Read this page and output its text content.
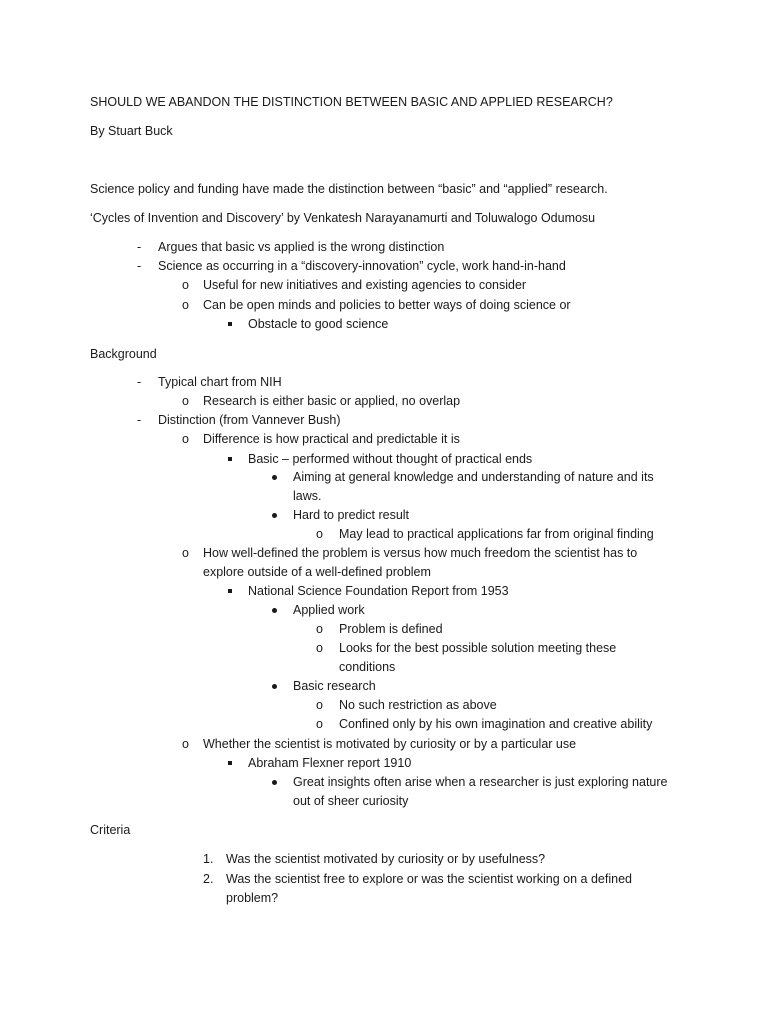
SHOULD WE ABANDON THE DISTINCTION BETWEEN BASIC AND APPLIED RESEARCH?
By Stuart Buck
Science policy and funding have made the distinction between “basic” and “applied” research.
‘Cycles of Invention and Discovery’ by Venkatesh Narayanamurti and Toluwalogo Odumosu
- Argues that basic vs applied is the wrong distinction
- Science as occurring in a “discovery-innovation” cycle, work hand-in-hand
o Useful for new initiatives and existing agencies to consider
o Can be open minds and policies to better ways of doing science or
Obstacle to good science
Background
- Typical chart from NIH
o Research is either basic or applied, no overlap
- Distinction (from Vannever Bush)
o Difference is how practical and predictable it is
Basic – performed without thought of practical ends
Aiming at general knowledge and understanding of nature and its
laws.
Hard to predict result
o May lead to practical applications far from original finding
o How well-defined the problem is versus how much freedom the scientist has to
explore outside of a well-defined problem
National Science Foundation Report from 1953
Applied work
o Problem is defined
o Looks for the best possible solution meeting these
conditions
Basic research
o No such restriction as above
o Confined only by his own imagination and creative ability
o Whether the scientist is motivated by curiosity or by a particular use
Abraham Flexner report 1910
Great insights often arise when a researcher is just exploring nature
out of sheer curiosity
Criteria
1. Was the scientist motivated by curiosity or by usefulness?
2. Was the scientist free to explore or was the scientist working on a defined
problem?
